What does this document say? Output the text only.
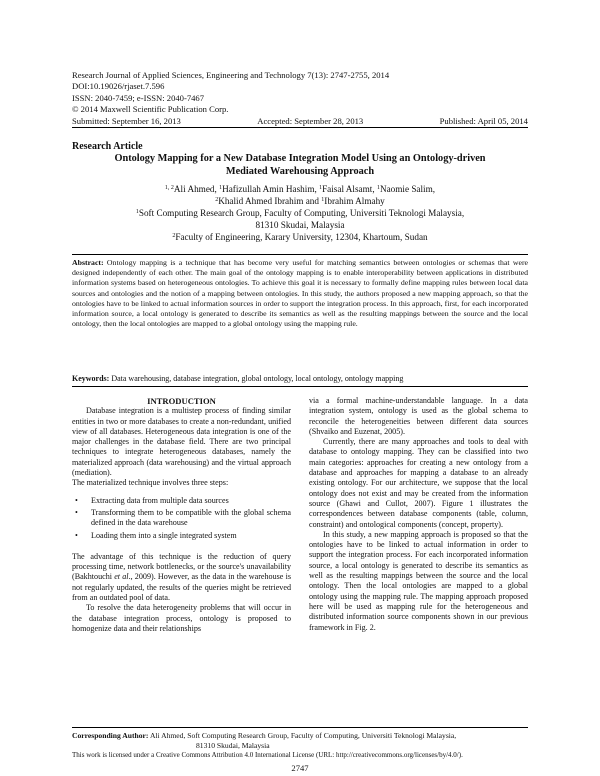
Research Journal of Applied Sciences, Engineering and Technology 7(13): 2747-2755, 2014
DOI:10.19026/rjaset.7.596
ISSN: 2040-7459; e-ISSN: 2040-7467
© 2014 Maxwell Scientific Publication Corp.
Submitted: September 16, 2013	Accepted: September 28, 2013	Published: April 05, 2014
Research Article
Ontology Mapping for a New Database Integration Model Using an Ontology-driven
Mediated Warehousing Approach
$^{1, 2}$Ali Ahmed, $^1$Hafizullah Amin Hashim, $^1$Faisal Alsamt, $^1$Naomie Salim,
$^2$Khalid Ahmed Ibrahim and $^1$Ibrahim Almahy
$^1$Soft Computing Research Group, Faculty of Computing, Universiti Teknologi Malaysia,
81310 Skudai, Malaysia
$^2$Faculty of Engineering, Karary University, 12304, Khartoum, Sudan
Abstract: Ontology mapping is a technique that has become very useful for matching semantics between ontologies or schemas that were designed independently of each other. The main goal of the ontology mapping is to enable interoperability between applications in distributed information systems based on heterogeneous ontologies. To achieve this goal it is necessary to formally define mapping rules between local data sources and ontologies and the notion of a mapping between ontologies. In this study, the authors proposed a new mapping approach, so that the ontologies have to be linked to actual information sources in order to support the integration process. In this approach, first, for each incorporated information source, a local ontology is generated to describe its semantics as well as the resulting mappings between the source and the local ontology, then the local ontologies are mapped to a global ontology using the mapping rule.
Keywords: Data warehousing, database integration, global ontology, local ontology, ontology mapping

INTRODUCTION

Database integration is a multistep process of finding similar entities in two or more databases to create a non-redundant, unified view of all databases. Heterogeneous data integration is one of the major challenges in the database field. There are two principal techniques to integrate heterogeneous databases, namely the materialized approach (data warehousing) and the virtual approach (mediation).

The materialized technique involves three steps:

• Extracting data from multiple data sources
• Transforming them to be compatible with the global schema defined in the data warehouse
• Loading them into a single integrated system

The advantage of this technique is the reduction of query processing time, network bottlenecks, or the source's unavailability (Bakhtouchi et al., 2009). However, as the data in the warehouse is not regularly updated, the results of the queries might be retrieved from an outdated pool of data.

To resolve the data heterogeneity problems that will occur in the database integration process, ontology is proposed to homogenize data and their relationships

via a formal machine-understandable language. In a data integration system, ontology is used as the global schema to reconcile the heterogeneities between different data sources (Shvaiko and Euzenat, 2005).

Currently, there are many approaches and tools to deal with database to ontology mapping. They can be classified into two main categories: approaches for creating a new ontology from a database and approaches for mapping a database to an already existing ontology. For our architecture, we suppose that the local ontology does not exist and may be created from the information source (Ghawi and Cullot, 2007). Figure 1 illustrates the correspondences between database components (table, column, constraint) and ontological components (concept, property).

In this study, a new mapping approach is proposed so that the ontologies have to be linked to actual information in order to support the integration process. For each incorporated information source, a local ontology is generated to describe its semantics as well as the resulting mappings between the source and the local ontology. Then the local ontologies are mapped to a global ontology using the mapping rule. The mapping approach proposed here will be used as mapping rule for the heterogeneous and distributed information source components shown in our previous framework in Fig. 2.

Corresponding Author: Ali Ahmed, Soft Computing Research Group, Faculty of Computing, Universiti Teknologi Malaysia,
81310 Skudai, Malaysia
This work is licensed under a Creative Commons Attribution 4.0 International License (URL: http://creativecommons.org/licenses/by/4.0/).
2747
